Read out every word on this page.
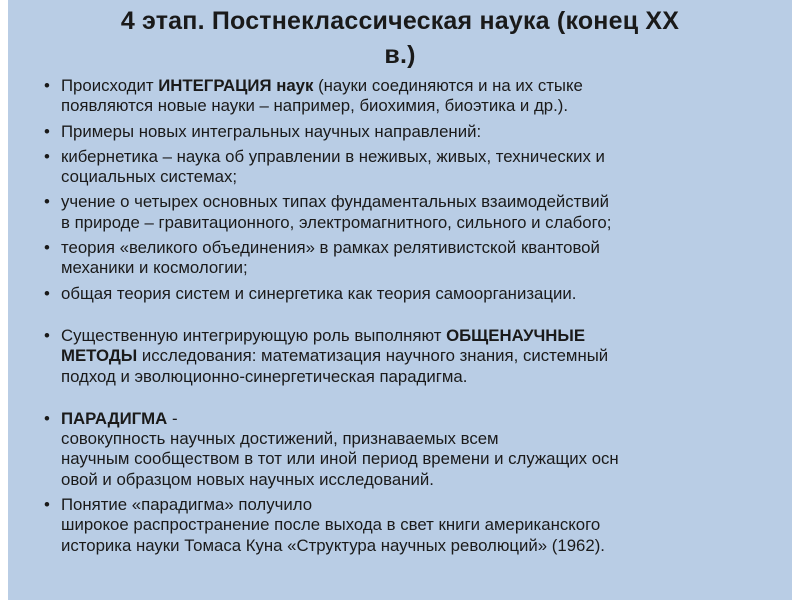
4 этап. Постнеклассическая наука (конец XX
в.)
• Происходит ИНТЕГРАЦИЯ наук (науки соединяются и на их стыке
появляются новые науки – например, биохимия, биоэтика и др.).
• Примеры новых интегральных научных направлений:
• кибернетика – наука об управлении в неживых, живых, технических и
социальных системах;
• учение о четырех основных типах фундаментальных взаимодействий
в природе – гравитационного, электромагнитного, сильного и слабого;
• теория «великого объединения» в рамках релятивистской квантовой
механики и космологии;
• общая теория систем и синергетика как теория самоорганизации.
• Существенную интегрирующую роль выполняют ОБЩЕНАУЧНЫЕ
МЕТОДЫ исследования: математизация научного знания, системный
подход и эволюционно-синергетическая парадигма.
• ПАРАДИГМА -
совокупность научных достижений, признаваемых всем
научным сообществом в тот или иной период времени и служащих осн
овой и образцом новых научных исследований.
• Понятие «парадигма» получило
широкое распространение после выхода в свет книги американского
историка науки Томаса Куна «Структура научных революций» (1962).
